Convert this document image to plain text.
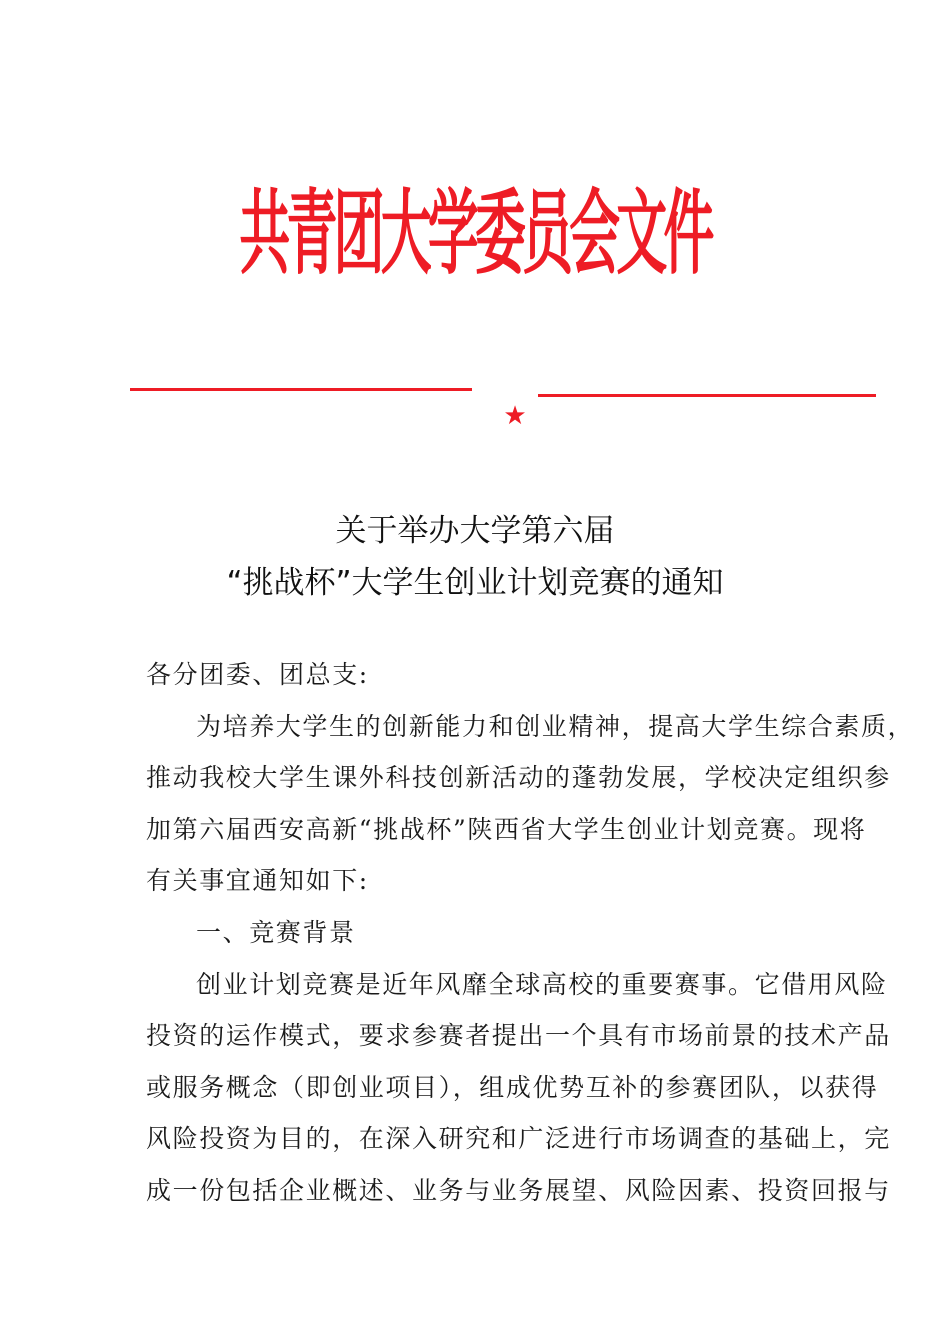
共青团大学委员会文件
★
关于举办大学第六届
“挑战杯”大学生创业计划竞赛的通知
各分团委、团总支:
为培养大学生的创新能力和创业精神，提高大学生综合素质，
推动我校大学生课外科技创新活动的蓬勃发展，学校决定组织参
加第六届西安高新“挑战杯”陕西省大学生创业计划竞赛。现将
有关事宜通知如下:
一、竞赛背景
创业计划竞赛是近年风靡全球高校的重要赛事。它借用风险
投资的运作模式，要求参赛者提出一个具有市场前景的技术产品
或服务概念（即创业项目），组成优势互补的参赛团队，以获得
风险投资为目的，在深入研究和广泛进行市场调查的基础上，完
成一份包括企业概述、业务与业务展望、风险因素、投资回报与
